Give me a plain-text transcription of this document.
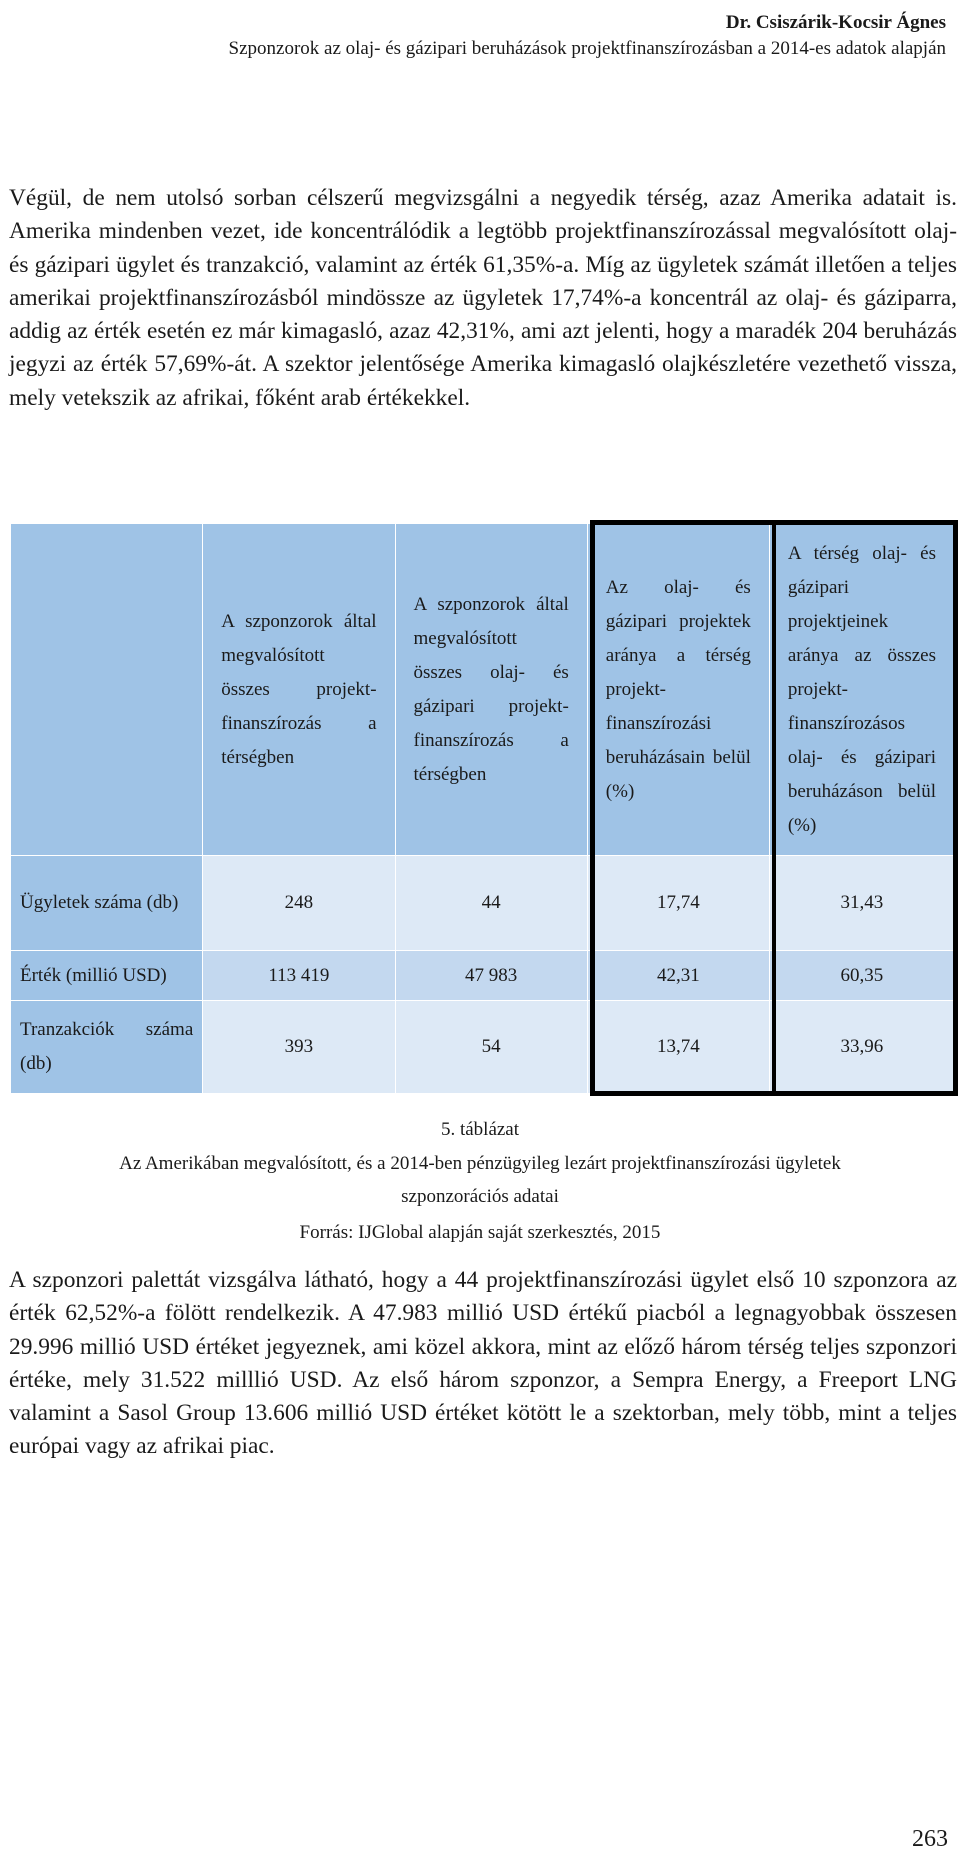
Dr. Csiszárik-Kocsir Ágnes
Szponzorok az olaj- és gázipari beruházások projektfinanszírozásban a 2014-es adatok alapján

Végül, de nem utolsó sorban célszerű megvizsgálni a negyedik térség, azaz Amerika adatait is. Amerika mindenben vezet, ide koncentrálódik a legtöbb projektfinanszírozással megvalósított olaj- és gázipari ügylet és tranzakció, valamint az érték 61,35%-a. Míg az ügyletek számát illetően a teljes amerikai projektfinanszírozásból mindössze az ügyletek 17,74%-a koncentrál az olaj- és gáziparra, addig az érték esetén ez már kimagasló, azaz 42,31%, ami azt jelenti, hogy a maradék 204 beruházás jegyzi az érték 57,69%-át. A szektor jelentősége Amerika kimagasló olajkészletére vezethető vissza, mely vetekszik az afrikai, főként arab értékekkel.

	A szponzorok által megvalósított összes projekt-finanszírozás a térségben	A szponzorok által megvalósított összes olaj- és gázipari projekt-finanszírozás a térségben	Az olaj- és gázipari projektek aránya a térség projekt-finanszírozási beruházásain belül (%)	A térség olaj- és gázipari projektjeinek aránya az összes projekt-finanszírozásos olaj- és gázipari beruházáson belül (%)

Ügyletek száma (db)	248	44	17,74	31,43
Érték (millió USD)	113 419	47 983	42,31	60,35
Tranzakciók száma (db)	393	54	13,74	33,96
5. táblázat
Az Amerikában megvalósított, és a 2014-ben pénzügyileg lezárt projektfinanszírozási ügyletek
szponzorációs adatai
Forrás: IJGlobal alapján saját szerkesztés, 2015

A szponzori palettát vizsgálva látható, hogy a 44 projektfinanszírozási ügylet első 10 szponzora az érték 62,52%-a fölött rendelkezik. A 47.983 millió USD értékű piacból a legnagyobbak összesen 29.996 millió USD értéket jegyeznek, ami közel akkora, mint az előző három térség teljes szponzori értéke, mely 31.522 milllió USD. Az első három szponzor, a Sempra Energy, a Freeport LNG valamint a Sasol Group 13.606 millió USD értéket kötött le a szektorban, mely több, mint a teljes európai vagy az afrikai piac.

263
